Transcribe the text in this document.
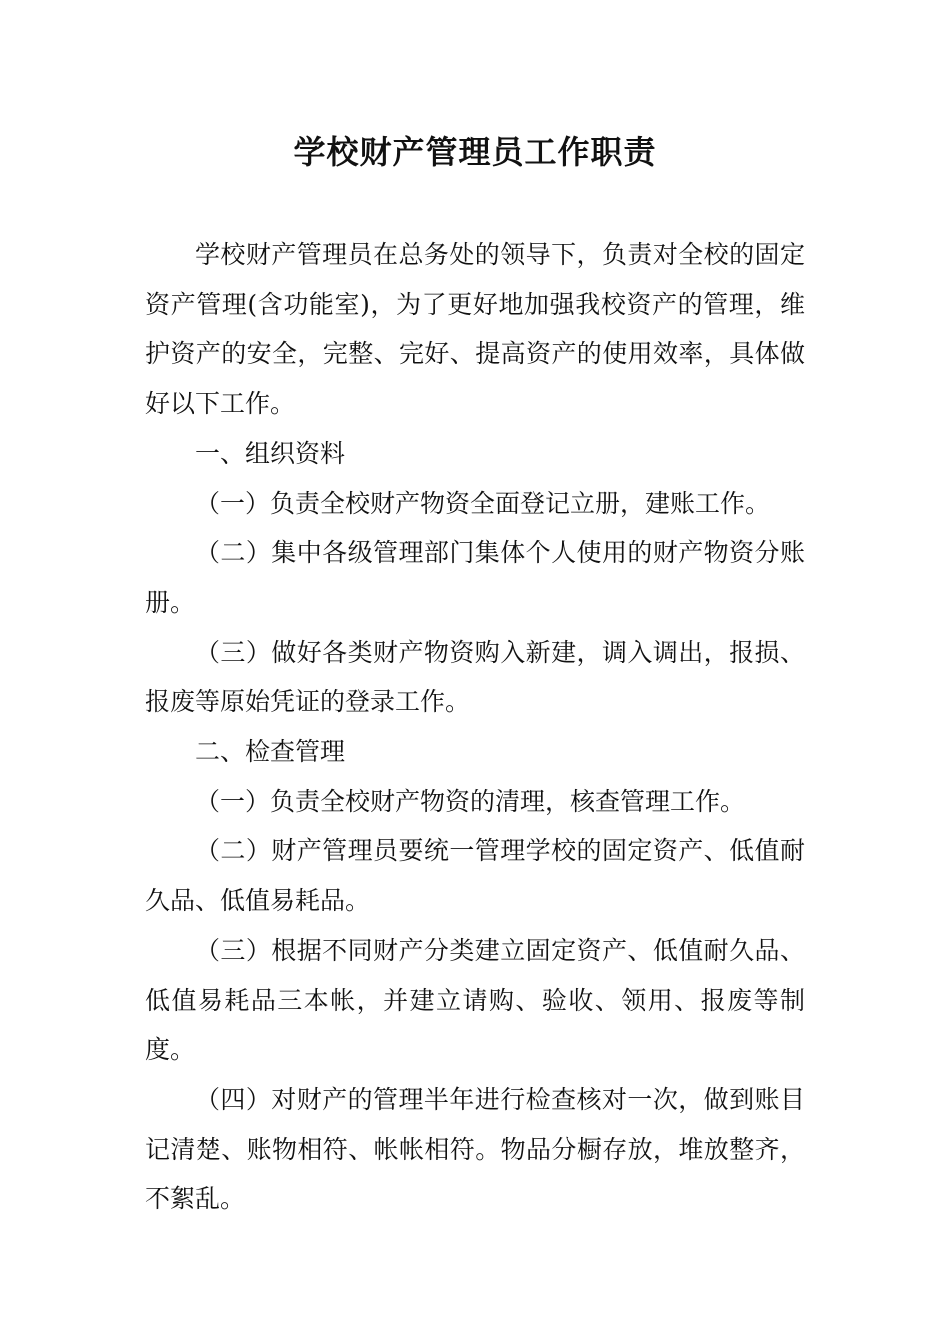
学校财产管理员工作职责

学校财产管理员在总务处的领导下，负责对全校的固定资产管理(含功能室)，为了更好地加强我校资产的管理，维护资产的安全，完整、完好、提高资产的使用效率，具体做好以下工作。

一、组织资料

（一）负责全校财产物资全面登记立册，建账工作。

（二）集中各级管理部门集体个人使用的财产物资分账册。

（三）做好各类财产物资购入新建，调入调出，报损、报废等原始凭证的登录工作。

二、检查管理

（一）负责全校财产物资的清理，核查管理工作。

（二）财产管理员要统一管理学校的固定资产、低值耐久品、低值易耗品。

（三）根据不同财产分类建立固定资产、低值耐久品、低值易耗品三本帐，并建立请购、验收、领用、报废等制度。

（四）对财产的管理半年进行检查核对一次，做到账目记清楚、账物相符、帐帐相符。物品分橱存放，堆放整齐，不絮乱。
